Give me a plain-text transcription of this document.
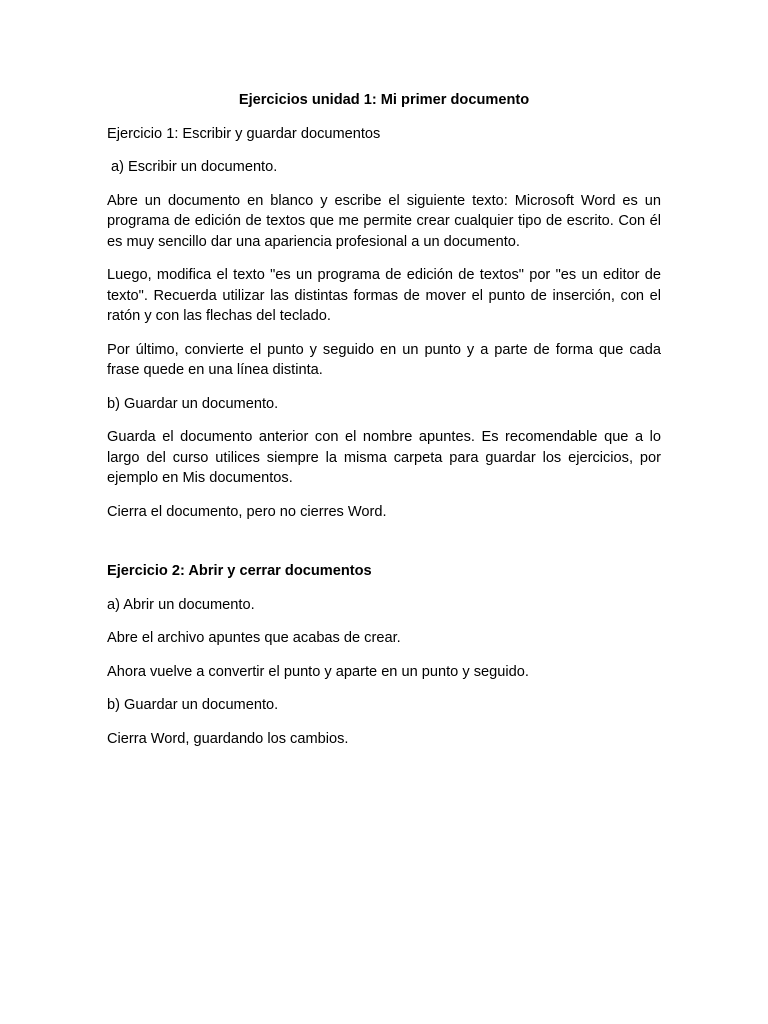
Ejercicios unidad 1: Mi primer documento

Ejercicio 1: Escribir y guardar documentos

a) Escribir un documento.

Abre un documento en blanco y escribe el siguiente texto: Microsoft Word es un programa de edición de textos que me permite crear cualquier tipo de escrito. Con él es muy sencillo dar una apariencia profesional a un documento.

Luego, modifica el texto "es un programa de edición de textos" por "es un editor de texto". Recuerda utilizar las distintas formas de mover el punto de inserción, con el ratón y con las flechas del teclado.

Por último, convierte el punto y seguido en un punto y a parte de forma que cada frase quede en una línea distinta.

b) Guardar un documento.

Guarda el documento anterior con el nombre apuntes. Es recomendable que a lo largo del curso utilices siempre la misma carpeta para guardar los ejercicios, por ejemplo en Mis documentos.

Cierra el documento, pero no cierres Word.

Ejercicio 2: Abrir y cerrar documentos

a) Abrir un documento.

Abre el archivo apuntes que acabas de crear.

Ahora vuelve a convertir el punto y aparte en un punto y seguido.

b) Guardar un documento.

Cierra Word, guardando los cambios.
